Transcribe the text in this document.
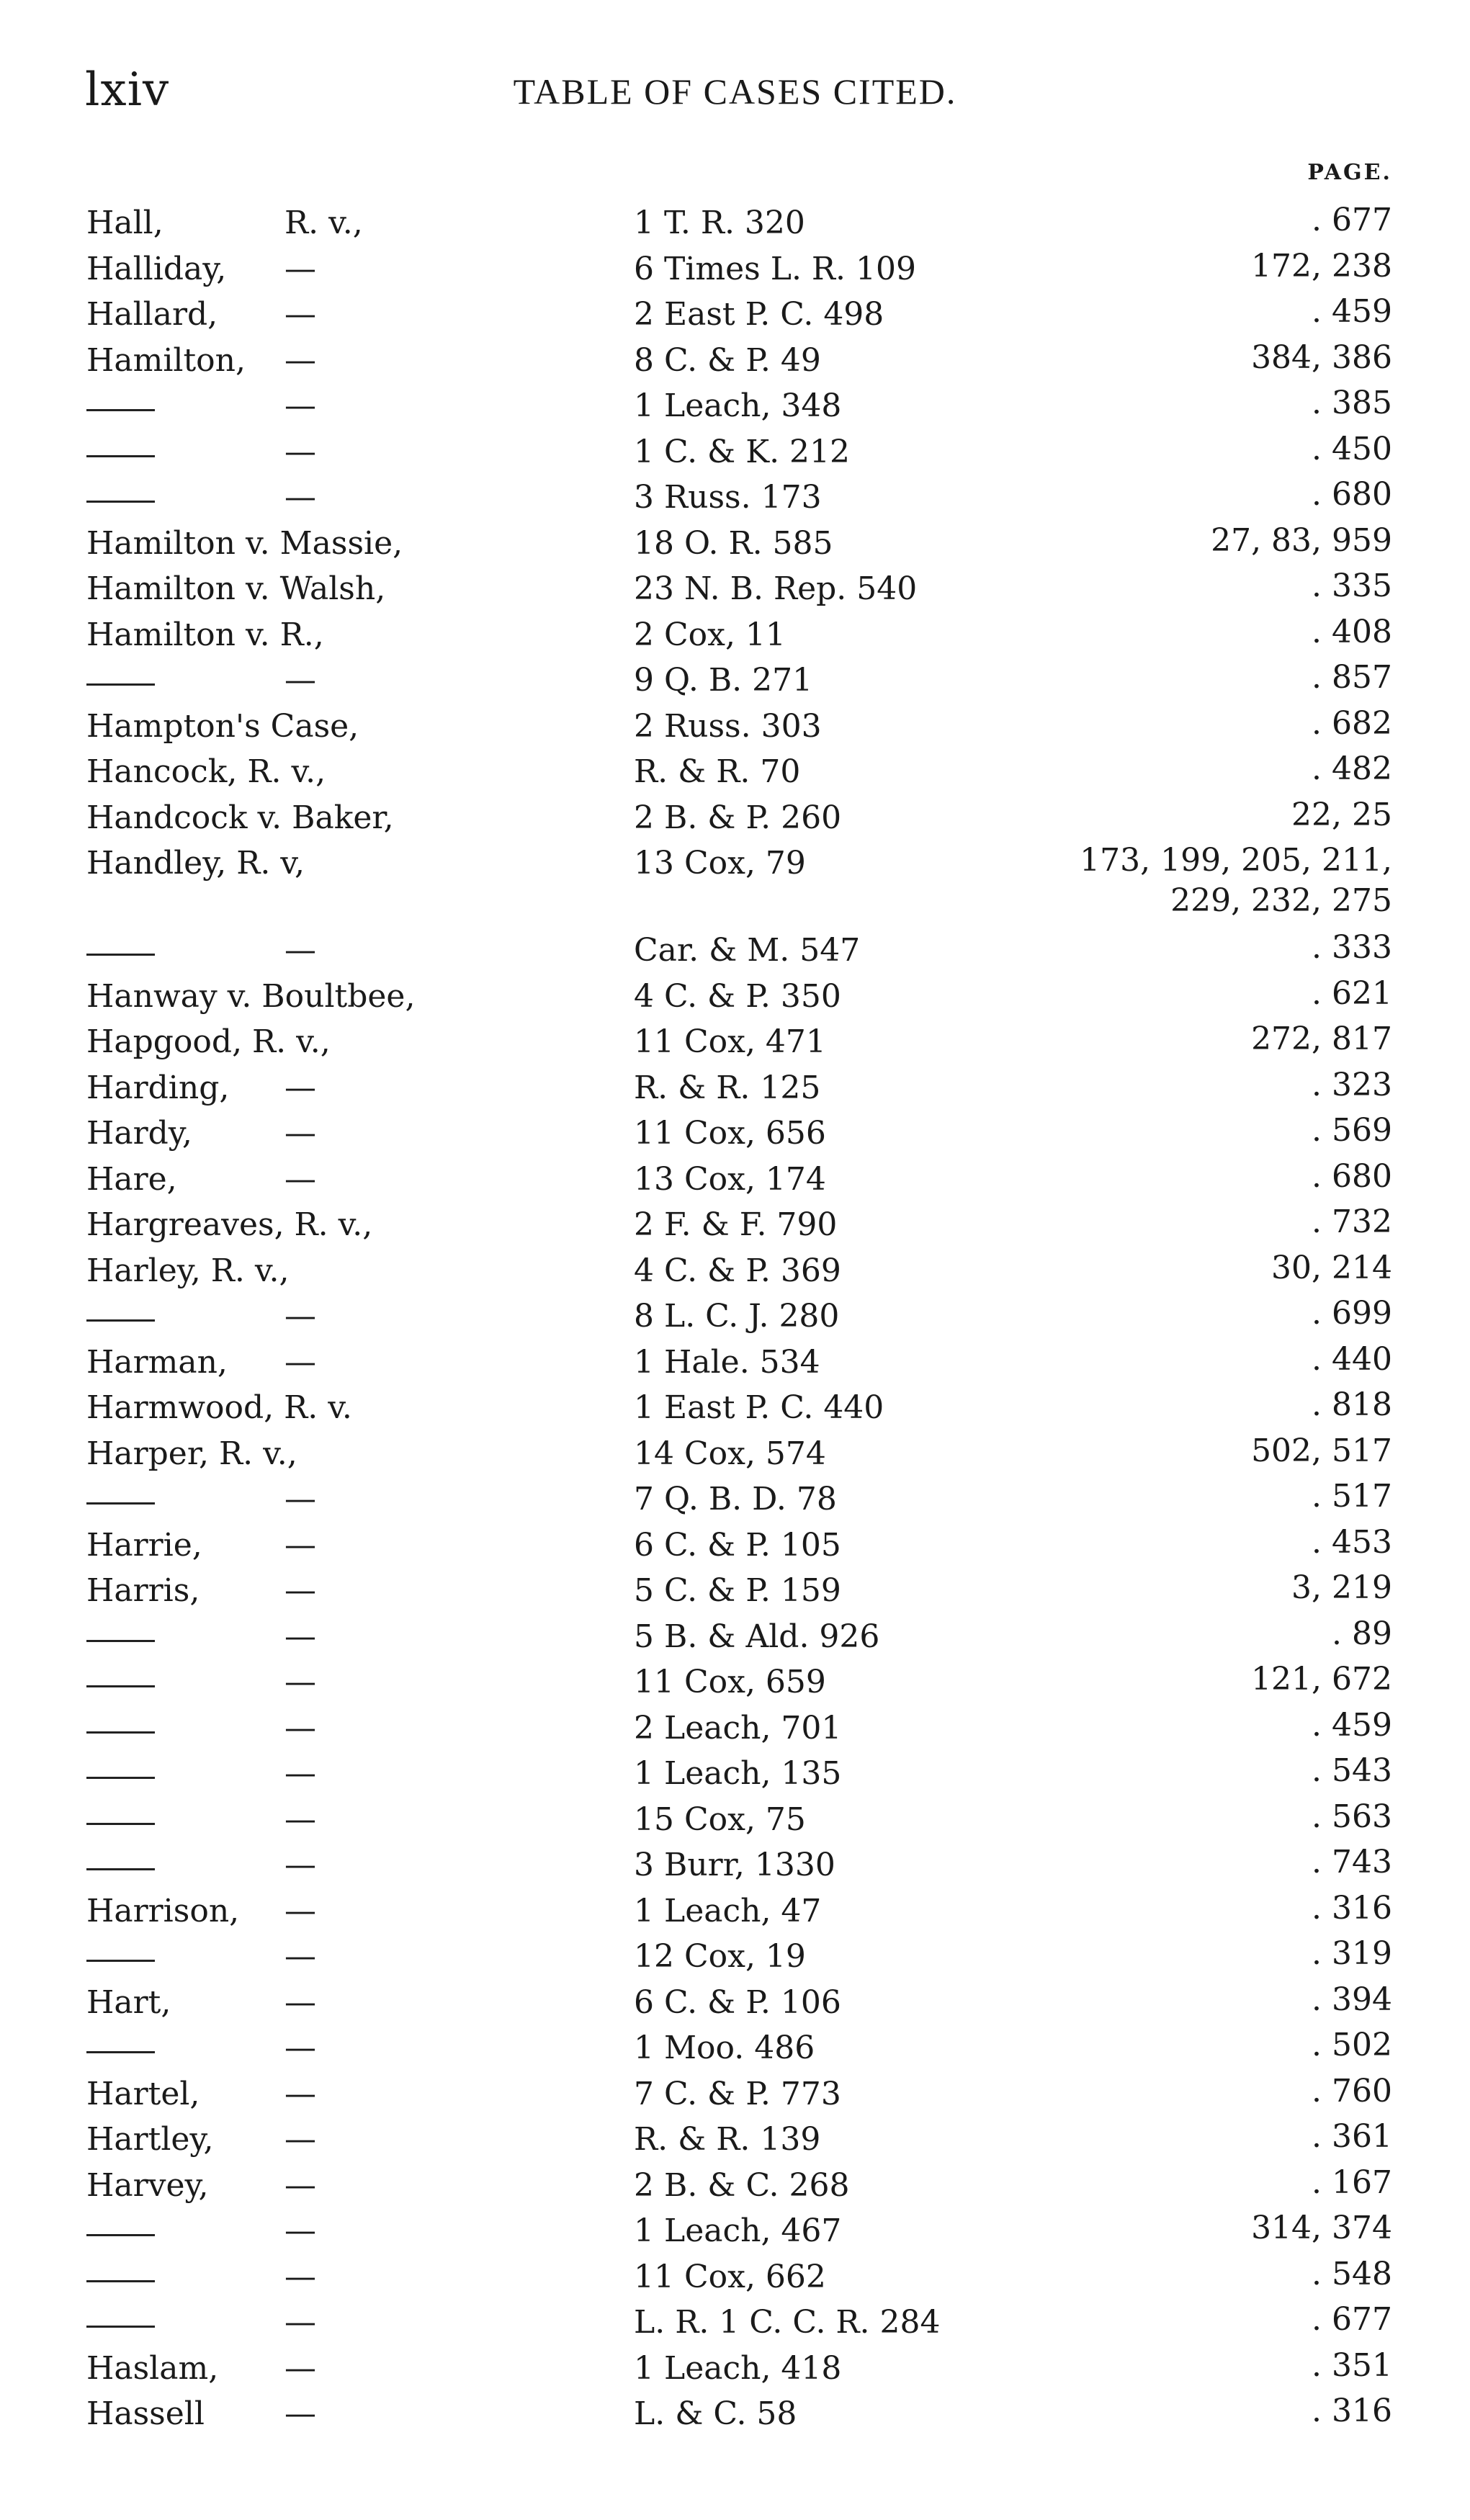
lxiv	TABLE OF CASES CITED.
PAGE.
Hall,	R. v.,	1 T. R. 320	. 677
Halliday, —	6 Times L. R. 109	172, 238
Hallard, —	2 East P. C. 498	. 459
Hamilton, —	8 C. & P. 49	384, 386
—	1 Leach, 348	. 385
—	1 C. & K. 212	. 450
—	3 Russ. 173	. 680
Hamilton v. Massie,	18 O. R. 585	27, 83, 959
Hamilton v. Walsh,	23 N. B. Rep. 540	. 335
Hamilton v. R.,	2 Cox, 11	. 408
—	9 Q. B. 271	. 857
Hampton's Case,	2 Russ. 303	. 682
Hancock, R. v.,	R. & R. 70	. 482
Handcock v. Baker,	2 B. & P. 260	22, 25
Handley, R. v,	13 Cox, 79	173, 199, 205, 211,
229, 232, 275
—	Car. & M. 547	. 333
Hanway v. Boultbee,	4 C. & P. 350	. 621
Hapgood, R. v.,	11 Cox, 471	272, 817
Harding, —	R. & R. 125	. 323
Hardy,	—	11 Cox, 656	. 569
Hare,	—	13 Cox, 174	. 680
Hargreaves, R. v.,	2 F. & F. 790	. 732
Harley, R. v.,	4 C. & P. 369	30, 214
—	8 L. C. J. 280	. 699
Harman, —	1 Hale. 534	. 440
Harmwood, R. v.	1 East P. C. 440	. 818
Harper, R. v.,	14 Cox, 574	502, 517
—	7 Q. B. D. 78	. 517
Harrie,	—	6 C. & P. 105	. 453
Harris,	—	5 C. & P. 159	3, 219
—	5 B. & Ald. 926	. 89
—	11 Cox, 659	121, 672
—	2 Leach, 701	. 459
—	1 Leach, 135	. 543
—	15 Cox, 75	. 563
—	3 Burr, 1330	. 743
Harrison, —	1 Leach, 47	. 316
—	12 Cox, 19	. 319
Hart,	—	6 C. & P. 106	. 394
—	1 Moo. 486	. 502
Hartel,	—	7 C. & P. 773	. 760
Hartley, —	R. & R. 139	. 361
Harvey, —	2 B. & C. 268	. 167
—	1 Leach, 467	314, 374
—	11 Cox, 662	. 548
—	L. R. 1 C. C. R. 284	. 677
Haslam, —	1 Leach, 418	. 351
Hassell	—	L. & C. 58	. 316
